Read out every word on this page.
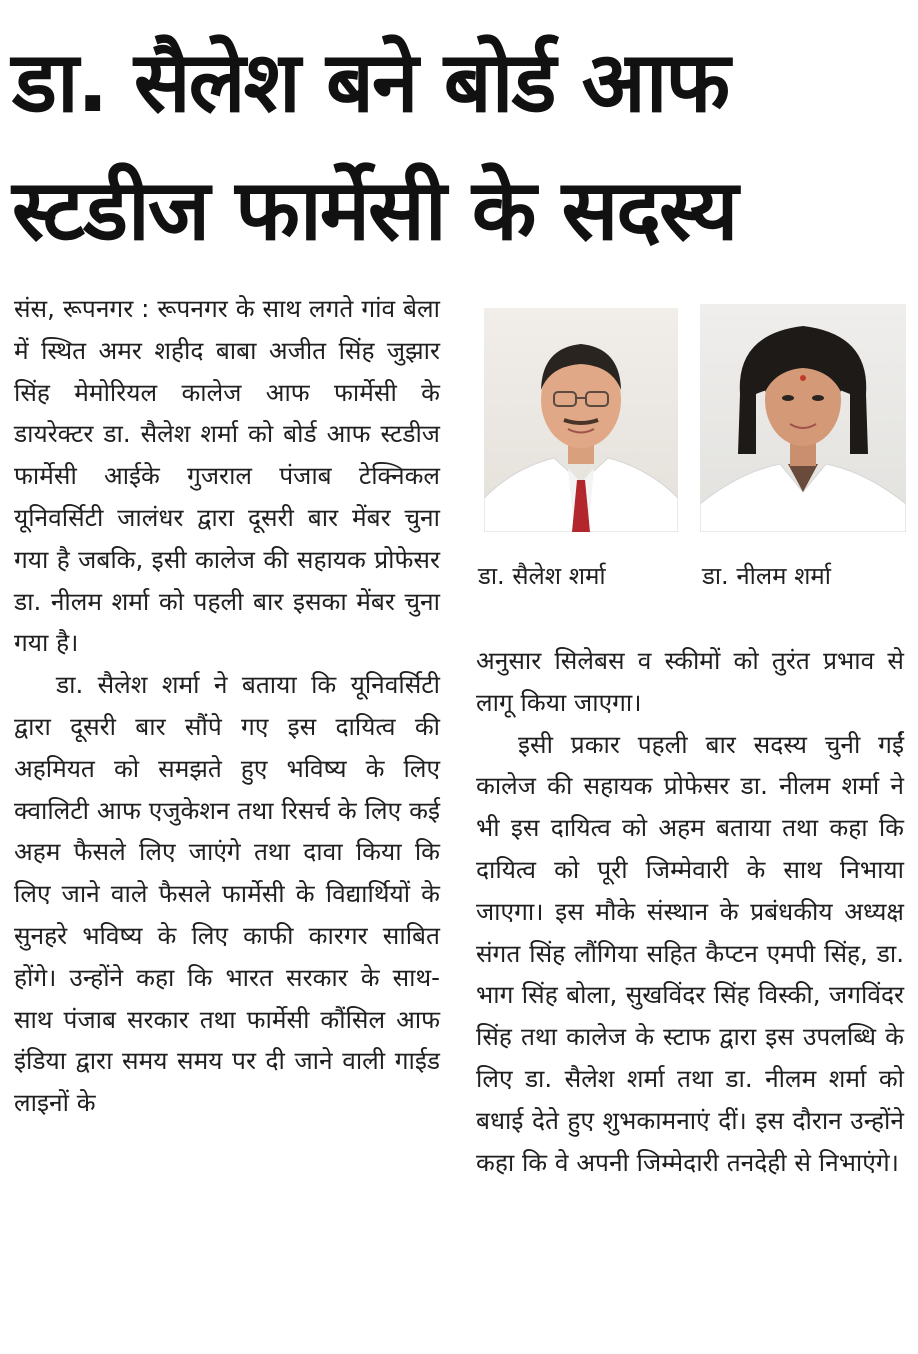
डा. सैलेश बने बोर्ड आफ
स्टडीज फार्मेसी के सदस्य

संस, रूपनगर : रूपनगर के साथ लगते गांव बेला में स्थित अमर शहीद बाबा अजीत सिंह जुझार सिंह मेमोरियल कालेज आफ फार्मेसी के डायरेक्टर डा. सैलेश शर्मा को बोर्ड आफ स्टडीज फार्मेसी आईके गुजराल पंजाब टेक्निकल यूनिवर्सिटी जालंधर द्वारा दूसरी बार मेंबर चुना गया है जबकि, इसी कालेज की सहायक प्रोफेसर डा. नीलम शर्मा को पहली बार इसका मेंबर चुना गया है।

डा. सैलेश शर्मा ने बताया कि यूनिवर्सिटी द्वारा दूसरी बार सौंपे गए इस दायित्व की अहमियत को समझते हुए भविष्य के लिए क्वालिटी आफ एजुकेशन तथा रिसर्च के लिए कई अहम फैसले लिए जाएंगे तथा दावा किया कि लिए जाने वाले फैसले फार्मेसी के विद्यार्थियों के सुनहरे भविष्य के लिए काफी कारगर साबित होंगे। उन्होंने कहा कि भारत सरकार के साथ-साथ पंजाब सरकार तथा फार्मेसी कौंसिल आफ इंडिया द्वारा समय समय पर दी जाने वाली गाईड लाइनों के

डा. सैलेश शर्मा	डा. नीलम शर्मा

अनुसार सिलेबस व स्कीमों को तुरंत प्रभाव से लागू किया जाएगा।

इसी प्रकार पहली बार सदस्य चुनी गईं कालेज की सहायक प्रोफेसर डा. नीलम शर्मा ने भी इस दायित्व को अहम बताया तथा कहा कि दायित्व को पूरी जिम्मेवारी के साथ निभाया जाएगा। इस मौके संस्थान के प्रबंधकीय अध्यक्ष संगत सिंह लौंगिया सहित कैप्टन एमपी सिंह, डा. भाग सिंह बोला, सुखविंदर सिंह विस्की, जगविंदर सिंह तथा कालेज के स्टाफ द्वारा इस उपलब्धि के लिए डा. सैलेश शर्मा तथा डा. नीलम शर्मा को बधाई देते हुए शुभकामनाएं दीं। इस दौरान उन्होंने कहा कि वे अपनी जिम्मेदारी तनदेही से निभाएंगे।
